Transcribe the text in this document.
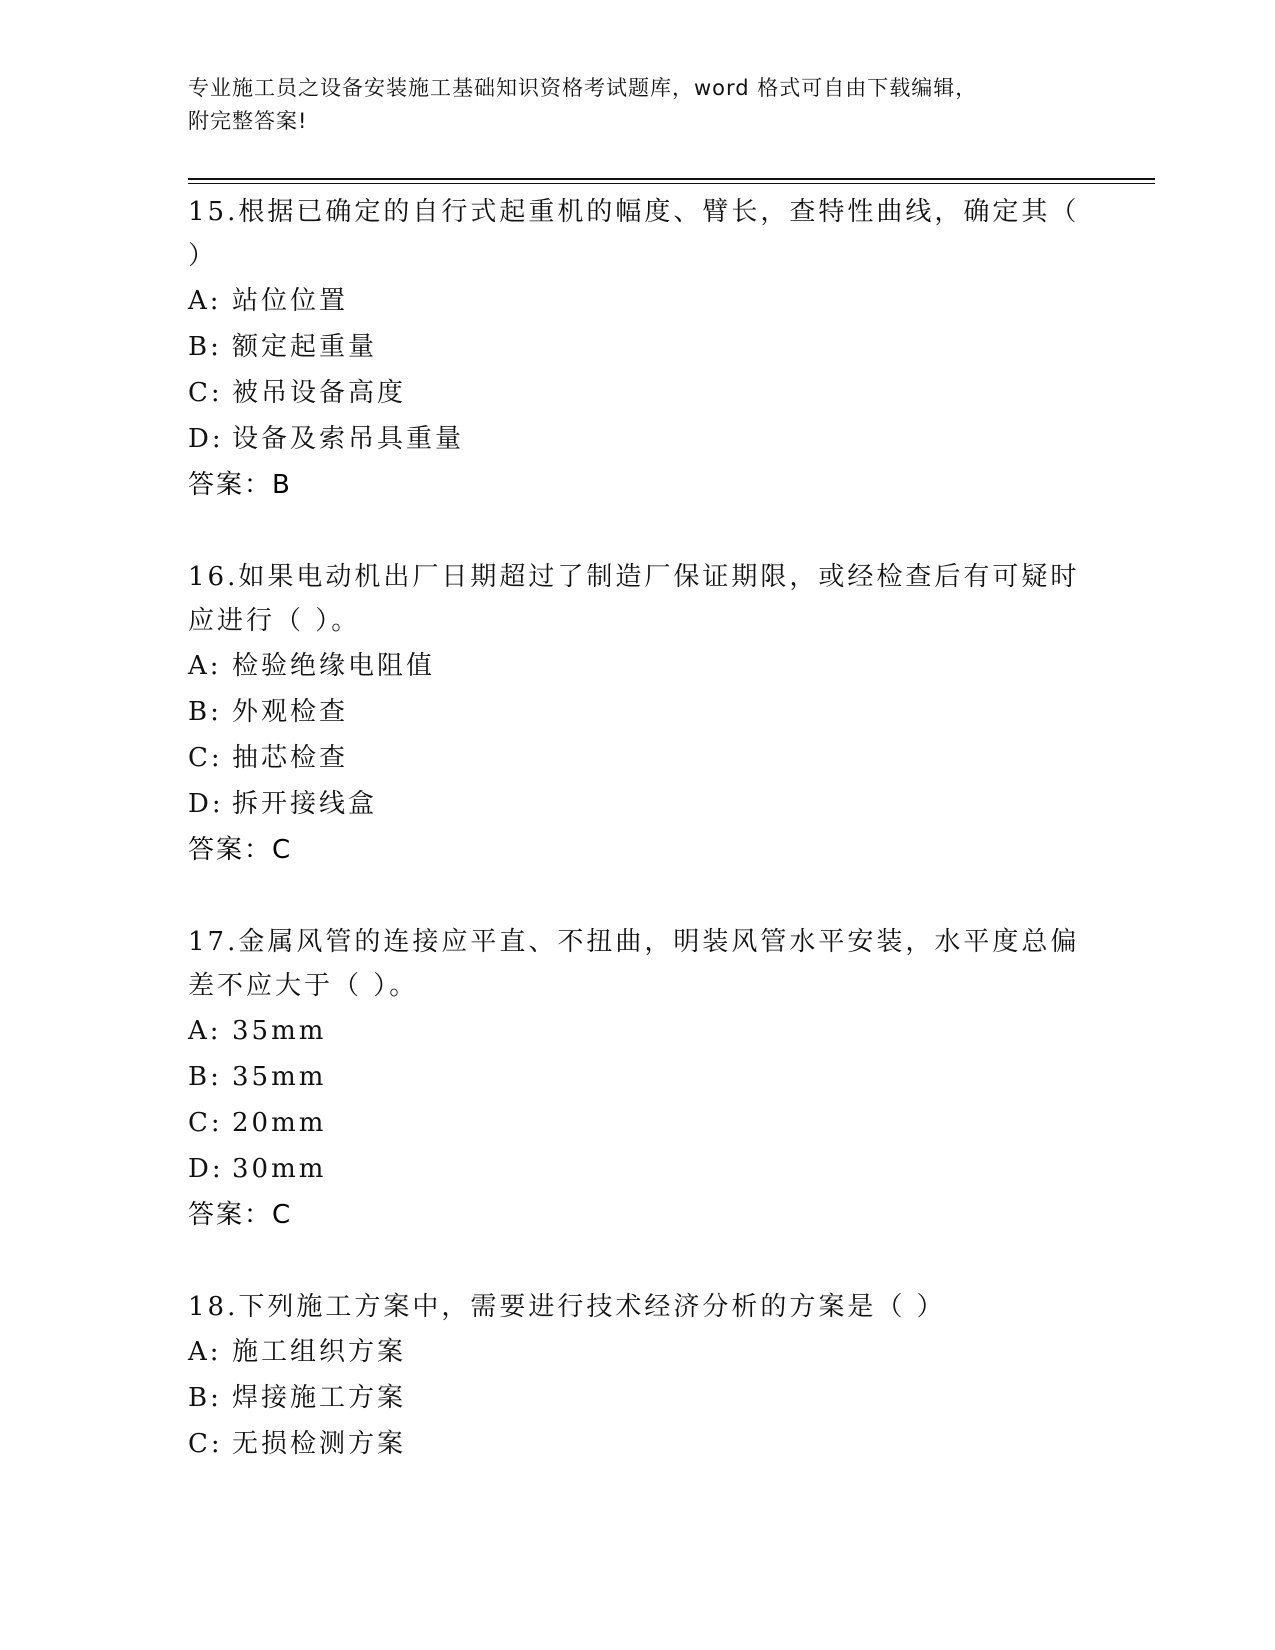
专业施工员之设备安装施工基础知识资格考试题库，word 格式可自由下载编辑，
附完整答案!

15.根据已确定的自行式起重机的幅度、臂长，查特性曲线，确定其（ ）

A: 站位位置
B: 额定起重量
C: 被吊设备高度
D: 设备及索吊具重量
答案：B

16.如果电动机出厂日期超过了制造厂保证期限，或经检查后有可疑时应进行（ ）。

A: 检验绝缘电阻值
B: 外观检查
C: 抽芯检查
D: 拆开接线盒
答案：C

17.金属风管的连接应平直、不扭曲，明装风管水平安装，水平度总偏差不应大于（ ）。

A: 35mm
B: 35mm
C: 20mm
D: 30mm
答案：C

18.下列施工方案中，需要进行技术经济分析的方案是（ ）

A: 施工组织方案
B: 焊接施工方案
C: 无损检测方案
